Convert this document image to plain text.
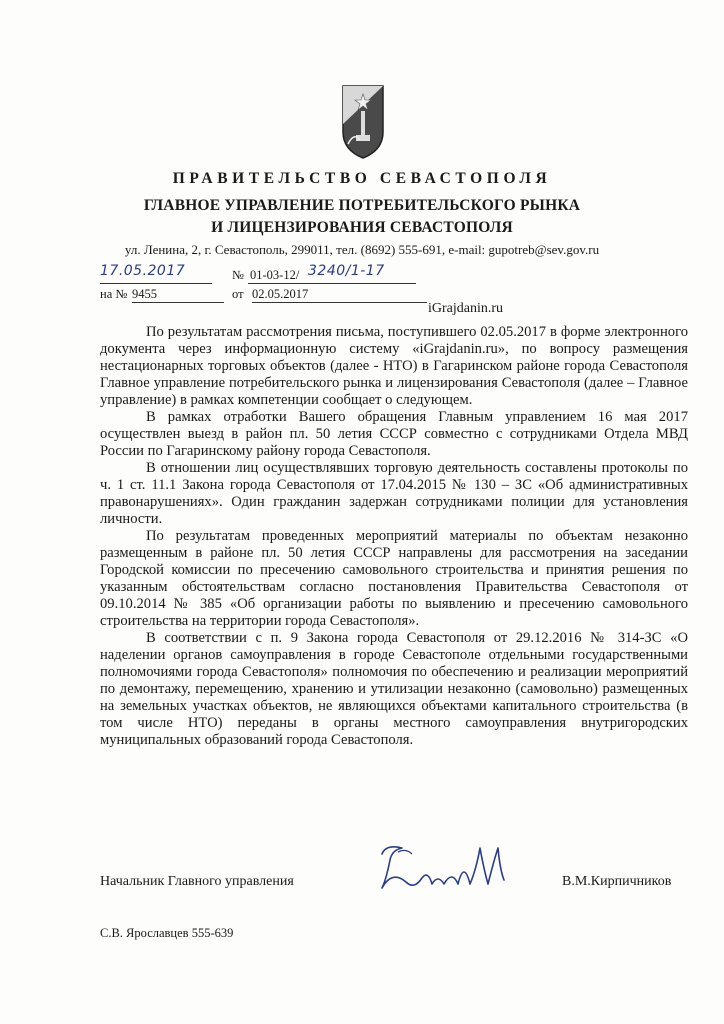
ПРАВИТЕЛЬСТВО СЕВАСТОПОЛЯ
ГЛАВНОЕ УПРАВЛЕНИЕ ПОТРЕБИТЕЛЬСКОГО РЫНКА
И ЛИЦЕНЗИРОВАНИЯ СЕВАСТОПОЛЯ
ул. Ленина, 2, г. Севастополь, 299011, тел. (8692) 555-691, e-mail: gupotreb@sev.gov.ru
17.05.2017	№ 01-03-12/ 3240/1-17
на № 9455	от 02.05.2017
iGrajdanin.ru

По результатам рассмотрения письма, поступившего 02.05.2017 в форме электронного документа через информационную систему «iGrajdanin.ru», по вопросу размещения нестационарных торговых объектов (далее - НТО) в Гагаринском районе города Севастополя Главное управление потребительского рынка и лицензирования Севастополя (далее – Главное управление) в рамках компетенции сообщает о следующем.

В рамках отработки Вашего обращения Главным управлением 16 мая 2017 осуществлен выезд в район пл. 50 летия СССР совместно с сотрудниками Отдела МВД России по Гагаринскому району города Севастополя.

В отношении лиц осуществлявших торговую деятельность составлены протоколы по ч. 1 ст. 11.1 Закона города Севастополя от 17.04.2015 № 130 – ЗС «Об административных правонарушениях». Один гражданин задержан сотрудниками полиции для установления личности.

По результатам проведенных мероприятий материалы по объектам незаконно размещенным в районе пл. 50 летия СССР направлены для рассмотрения на заседании Городской комиссии по пресечению самовольного строительства и принятия решения по указанным обстоятельствам согласно постановления Правительства Севастополя от 09.10.2014 № 385 «Об организации работы по выявлению и пресечению самовольного строительства на территории города Севастополя».

В соответствии с п. 9 Закона города Севастополя от 29.12.2016 № 314-ЗС «О наделении органов самоуправления в городе Севастополе отдельными государственными полномочиями города Севастополя» полномочия по обеспечению и реализации мероприятий по демонтажу, перемещению, хранению и утилизации незаконно (самовольно) размещенных на земельных участках объектов, не являющихся объектами капитального строительства (в том числе НТО) переданы в органы местного самоуправления внутригородских муниципальных образований города Севастополя.

Начальник Главного управления	В.М.Кирпичников
С.В. Ярославцев 555-639
